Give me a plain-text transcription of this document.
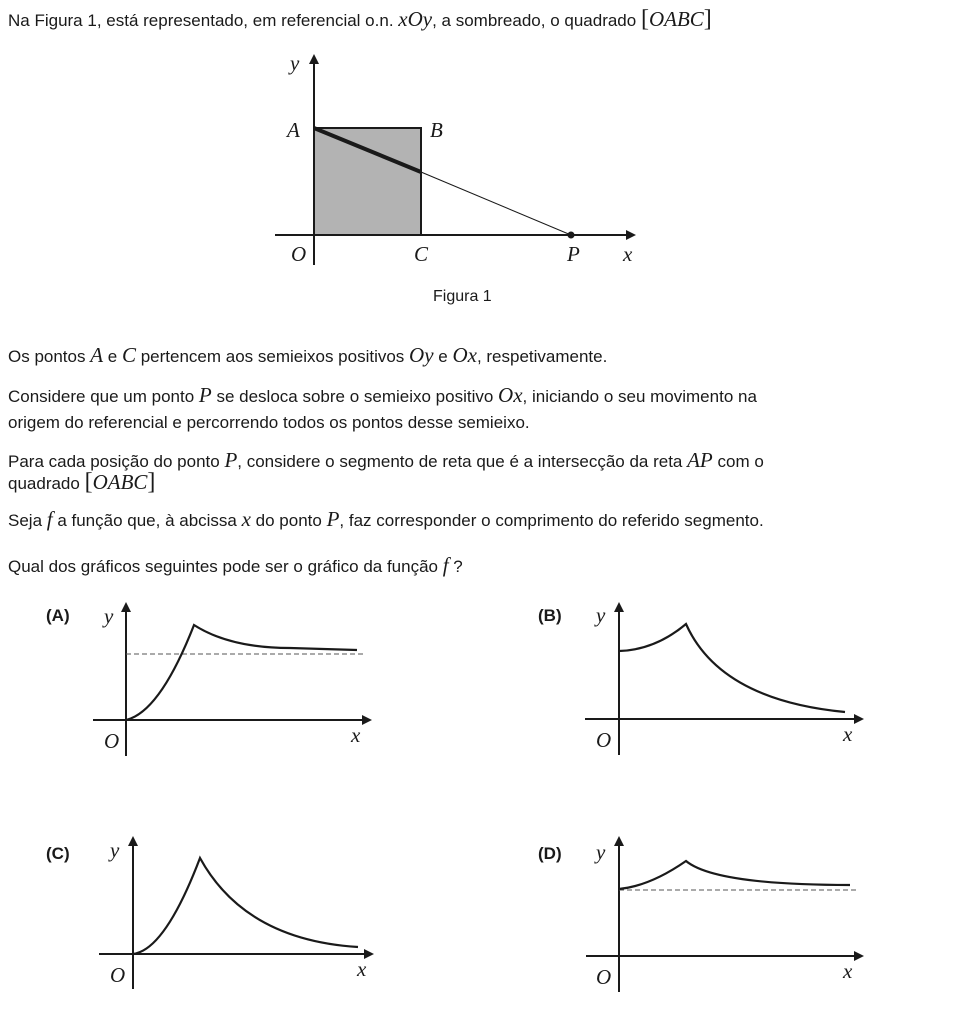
Na Figura 1, está representado, em referencial o.n. xOy, a sombreado, o quadrado [OABC]
y
A	B
O	C	P x
Figura 1
Os pontos A e C pertencem aos semieixos positivos Oy e Ox, respetivamente.
Considere que um ponto P se desloca sobre o semieixo positivo Ox, iniciando o seu movimento na
origem do referencial e percorrendo todos os pontos desse semieixo.
Para cada posição do ponto P, considere o segmento de reta que é a intersecção da reta AP com o
quadrado [OABC]
Seja f a função que, à abcissa x do ponto P, faz corresponder o comprimento do referido segmento.
Qual dos gráficos seguintes pode ser o gráfico da função f ?
(A) y
O	x
(B) y
O	x
(C) y
O	x
(D) y
O	x
